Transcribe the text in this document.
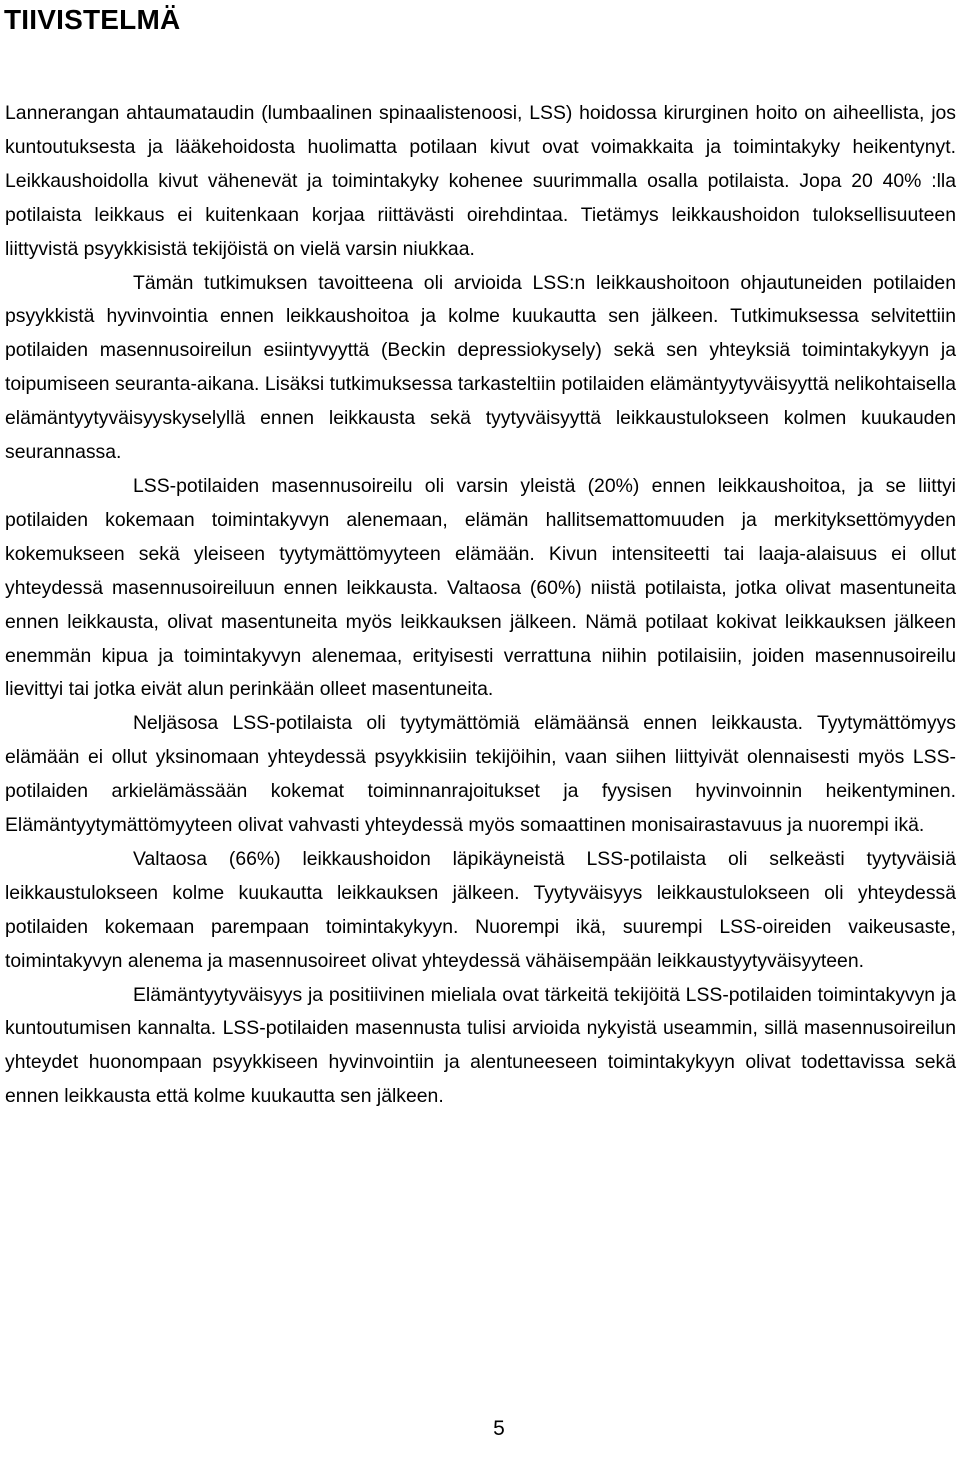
TIIVISTELMÄ

Lannerangan ahtaumataudin (lumbaalinen spinaalistenoosi, LSS) hoidossa kirurginen hoito on aiheellista, jos kuntoutuksesta ja lääkehoidosta huolimatta potilaan kivut ovat voimakkaita ja toimintakyky heikentynyt. Leikkaushoidolla kivut vähenevät ja toimintakyky kohenee suurimmalla osalla potilaista. Jopa 20 40% :lla potilaista leikkaus ei kuitenkaan korjaa riittävästi oirehdintaa. Tietämys leikkaushoidon tuloksellisuuteen liittyvistä psyykkisistä tekijöistä on vielä varsin niukkaa.

Tämän tutkimuksen tavoitteena oli arvioida LSS:n leikkaushoitoon ohjautuneiden potilaiden psyykkistä hyvinvointia ennen leikkaushoitoa ja kolme kuukautta sen jälkeen. Tutkimuksessa selvitettiin potilaiden masennusoireilun esiintyvyyttä (Beckin depressiokysely) sekä sen yhteyksiä toimintakykyyn ja toipumiseen seuranta-aikana. Lisäksi tutkimuksessa tarkasteltiin potilaiden elämäntyytyväisyyttä nelikohtaisella elämäntyytyväisyyskyselyllä ennen leikkausta sekä tyytyväisyyttä leikkaustulokseen kolmen kuukauden seurannassa.

LSS-potilaiden masennusoireilu oli varsin yleistä (20%) ennen leikkaushoitoa, ja se liittyi potilaiden kokemaan toimintakyvyn alenemaan, elämän hallitsemattomuuden ja merkityksettömyyden kokemukseen sekä yleiseen tyytymättömyyteen elämään. Kivun intensiteetti tai laaja-alaisuus ei ollut yhteydessä masennusoireiluun ennen leikkausta. Valtaosa (60%) niistä potilaista, jotka olivat masentuneita ennen leikkausta, olivat masentuneita myös leikkauksen jälkeen. Nämä potilaat kokivat leikkauksen jälkeen enemmän kipua ja toimintakyvyn alenemaa, erityisesti verrattuna niihin potilaisiin, joiden masennusoireilu lievittyi tai jotka eivät alun perinkään olleet masentuneita.

Neljäsosa LSS-potilaista oli tyytymättömiä elämäänsä ennen leikkausta. Tyytymättömyys elämään ei ollut yksinomaan yhteydessä psyykkisiin tekijöihin, vaan siihen liittyivät olennaisesti myös LSS-potilaiden arkielämässään kokemat toiminnanrajoitukset ja fyysisen hyvinvoinnin heikentyminen. Elämäntyytymättömyyteen olivat vahvasti yhteydessä myös somaattinen monisairastavuus ja nuorempi ikä.

Valtaosa (66%) leikkaushoidon läpikäyneistä LSS-potilaista oli selkeästi tyytyväisiä leikkaustulokseen kolme kuukautta leikkauksen jälkeen. Tyytyväisyys leikkaustulokseen oli yhteydessä potilaiden kokemaan parempaan toimintakykyyn. Nuorempi ikä, suurempi LSS-oireiden vaikeusaste, toimintakyvyn alenema ja masennusoireet olivat yhteydessä vähäisempään leikkaustyytyväisyyteen.

Elämäntyytyväisyys ja positiivinen mieliala ovat tärkeitä tekijöitä LSS-potilaiden toimintakyvyn ja kuntoutumisen kannalta. LSS-potilaiden masennusta tulisi arvioida nykyistä useammin, sillä masennusoireilun yhteydet huonompaan psyykkiseen hyvinvointiin ja alentuneeseen toimintakykyyn olivat todettavissa sekä ennen leikkausta että kolme kuukautta sen jälkeen.

5
